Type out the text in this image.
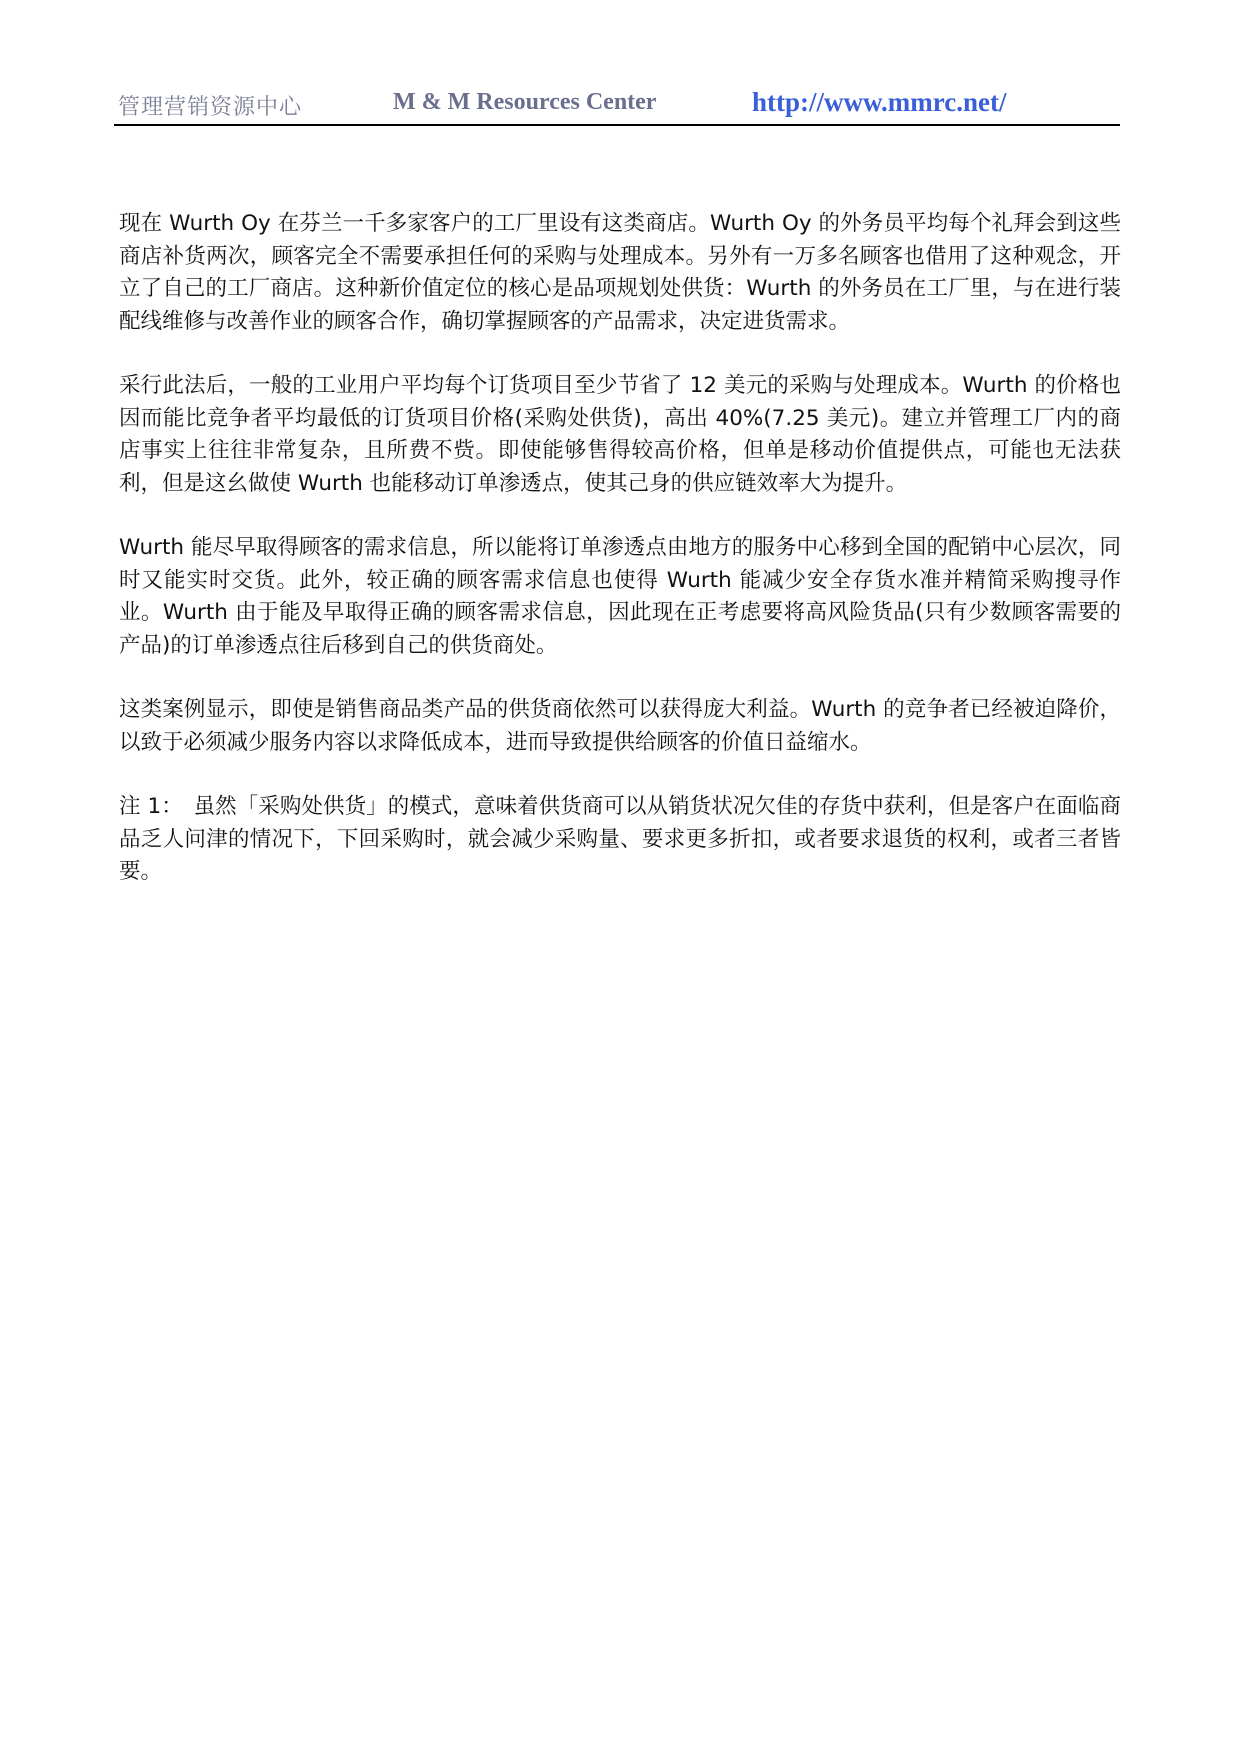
管理营销资源中心	M & M Resources Center	http://www.mmrc.net/

现在 Wurth Oy 在芬兰一千多家客户的工厂里设有这类商店。Wurth Oy 的外务员平均每个礼拜会到这些商店补货两次，顾客完全不需要承担任何的采购与处理成本。另外有一万多名顾客也借用了这种观念，开立了自己的工厂商店。这种新价值定位的核心是品项规划处供货：Wurth 的外务员在工厂里，与在进行装配线维修与改善作业的顾客合作，确切掌握顾客的产品需求，决定进货需求。

采行此法后，一般的工业用户平均每个订货项目至少节省了 12 美元的采购与处理成本。Wurth 的价格也因而能比竞争者平均最低的订货项目价格(采购处供货)，高出 40%(7.25 美元)。建立并管理工厂内的商店事实上往往非常复杂，且所费不赀。即使能够售得较高价格，但单是移动价值提供点，可能也无法获利，但是这幺做使 Wurth 也能移动订单渗透点，使其己身的供应链效率大为提升。

Wurth 能尽早取得顾客的需求信息，所以能将订单渗透点由地方的服务中心移到全国的配销中心层次，同时又能实时交货。此外，较正确的顾客需求信息也使得 Wurth 能减少安全存货水准并精简采购搜寻作业。Wurth 由于能及早取得正确的顾客需求信息，因此现在正考虑要将高风险货品(只有少数顾客需要的产品)的订单渗透点往后移到自己的供货商处。

这类案例显示，即使是销售商品类产品的供货商依然可以获得庞大利益。Wurth 的竞争者已经被迫降价，以致于必须减少服务内容以求降低成本，进而导致提供给顾客的价值日益缩水。

注 1：　虽然「采购处供货」的模式，意味着供货商可以从销货状况欠佳的存货中获利，但是客户在面临商品乏人问津的情况下，下回采购时，就会减少采购量、要求更多折扣，或者要求退货的权利，或者三者皆要。
